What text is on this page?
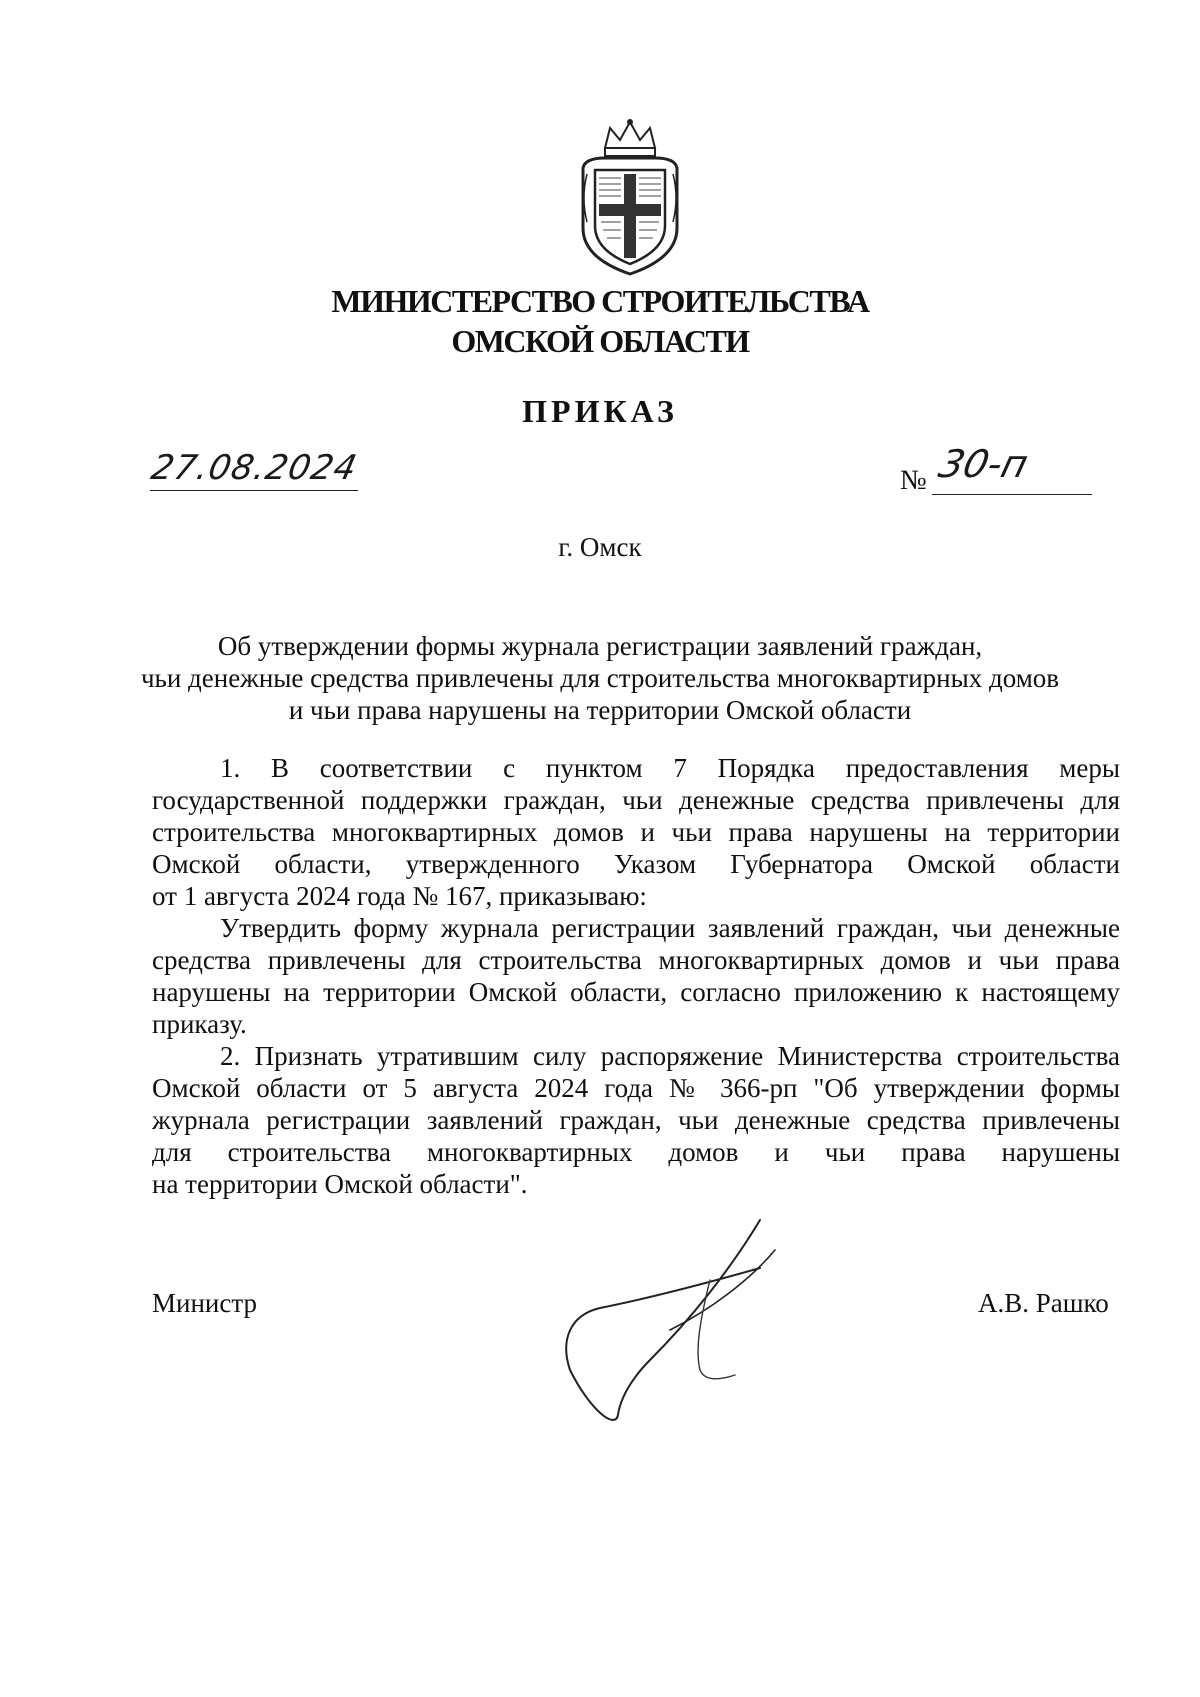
МИНИСТЕРСТВО СТРОИТЕЛЬСТВА
ОМСКОЙ ОБЛАСТИ
ПРИКАЗ
27.08.2024	№ 30-п
г. Омск
Об утверждении формы журнала регистрации заявлений граждан,
чьи денежные средства привлечены для строительства многоквартирных домов
и чьи права нарушены на территории Омской области
1. В соответствии с пунктом 7 Порядка предоставления меры
государственной поддержки граждан, чьи денежные средства привлечены для
строительства многоквартирных домов и чьи права нарушены на территории
Омской области, утвержденного Указом Губернатора Омской области
от 1 августа 2024 года № 167, приказываю:
Утвердить форму журнала регистрации заявлений граждан, чьи денежные
средства привлечены для строительства многоквартирных домов и чьи права
нарушены на территории Омской области, согласно приложению к настоящему
приказу.
2. Признать утратившим силу распоряжение Министерства строительства
Омской области от 5 августа 2024 года № 366-рп "Об утверждении формы
журнала регистрации заявлений граждан, чьи денежные средства привлечены
для строительства многоквартирных домов и чьи права нарушены
на территории Омской области".
Министр	А.В. Рашко
